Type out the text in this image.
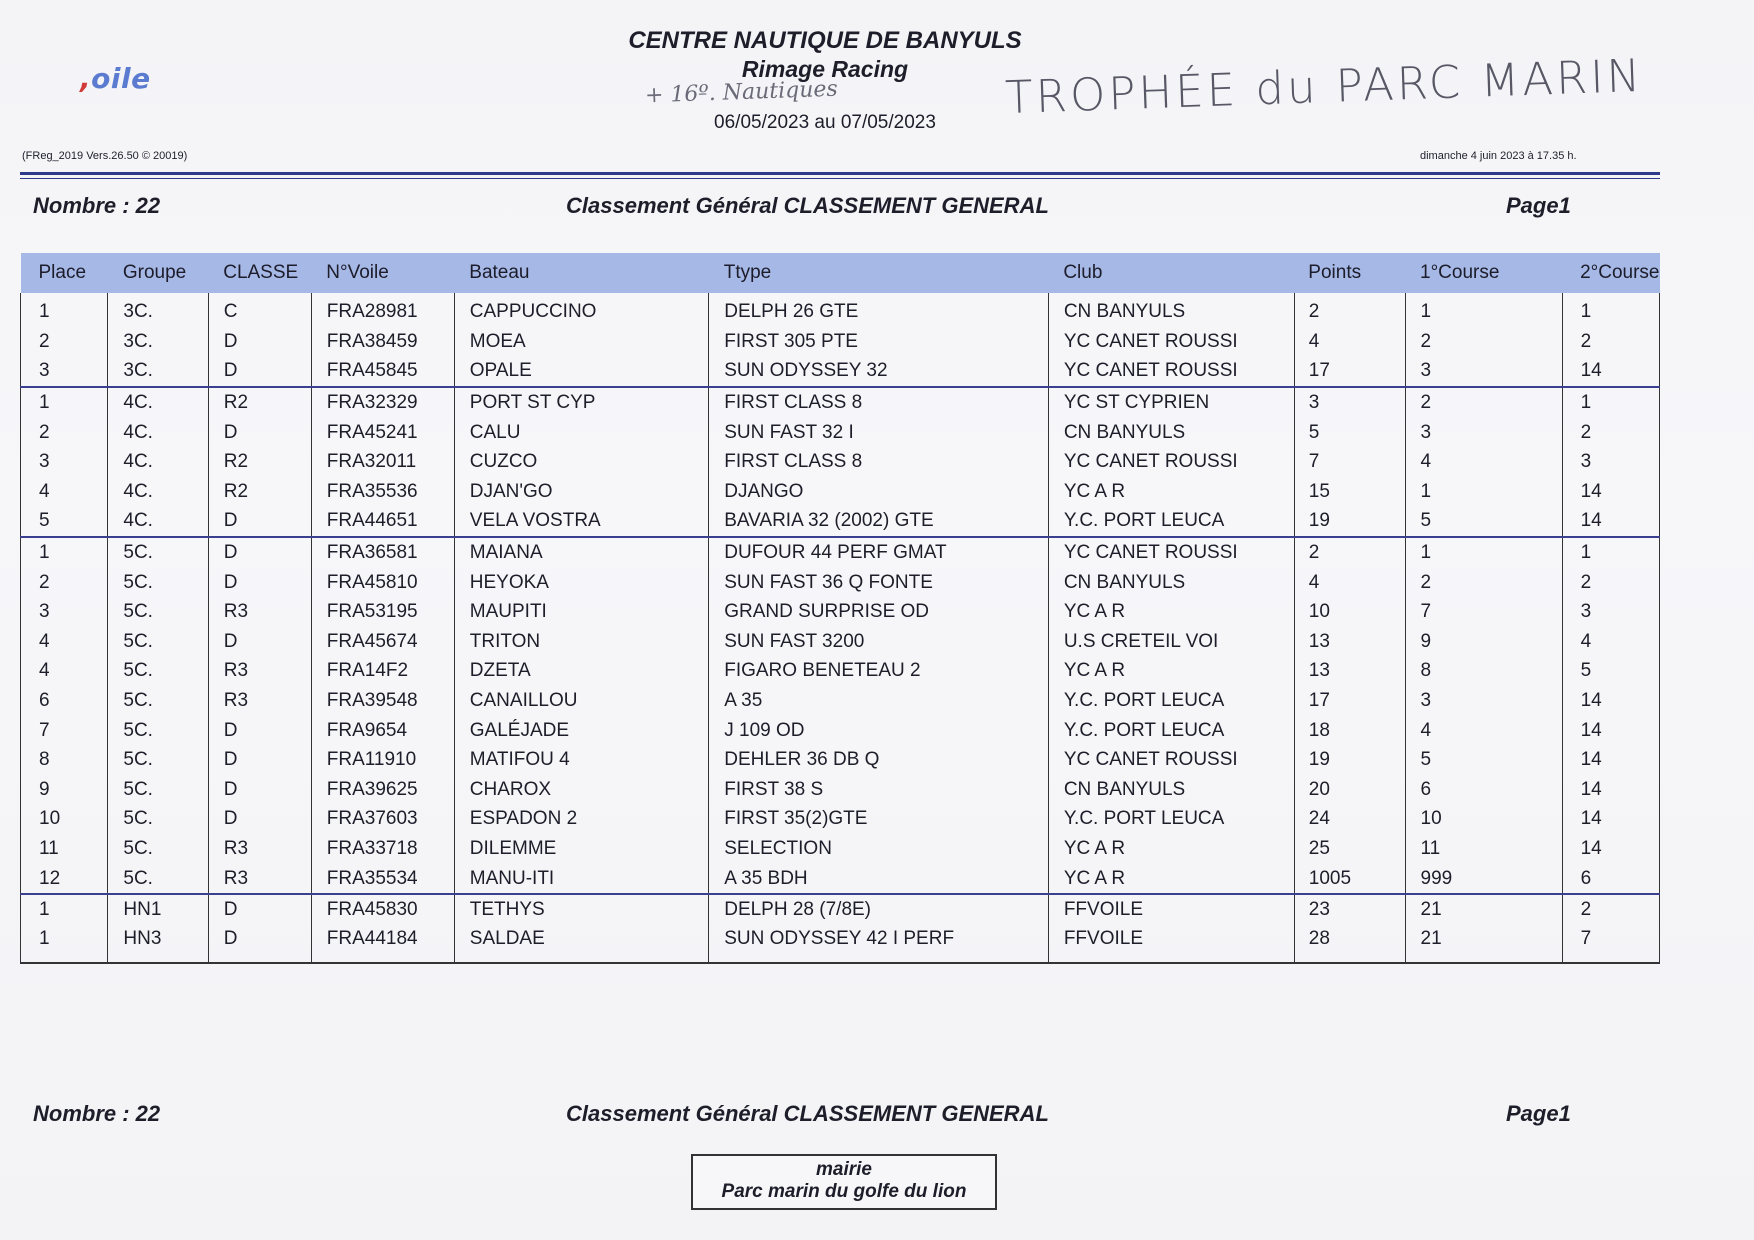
,oile
CENTRE NAUTIQUE DE BANYULS
Rimage Racing
+ 16º. Nautiques
06/05/2023 au 07/05/2023	TROPHÉE du PARC MARIN
(FReg_2019 Vers.26.50 © 20019)	dimanche 4 juin 2023 à 17.35 h.
Nombre : 22	Classement Général CLASSEMENT GENERAL	Page1
Place	Groupe	CLASSE	N°Voile	Bateau	Ttype	Club	Points	1°Course	2°Course
1	3C.	C	FRA28981	CAPPUCCINO	DELPH 26 GTE	CN BANYULS	2	1	1
2	3C.	D	FRA38459	MOEA	FIRST 305 PTE	YC CANET ROUSSI	4	2	2
3	3C.	D	FRA45845	OPALE	SUN ODYSSEY 32	YC CANET ROUSSI	17	3	14
1	4C.	R2	FRA32329	PORT ST CYP	FIRST CLASS 8	YC ST CYPRIEN	3	2	1
2	4C.	D	FRA45241	CALU	SUN FAST 32 I	CN BANYULS	5	3	2
3	4C.	R2	FRA32011	CUZCO	FIRST CLASS 8	YC CANET ROUSSI	7	4	3
4	4C.	R2	FRA35536	DJAN'GO	DJANGO	YC A R	15	1	14
5	4C.	D	FRA44651	VELA VOSTRA	BAVARIA 32 (2002) GTE	Y.C. PORT LEUCA	19	5	14
1	5C.	D	FRA36581	MAIANA	DUFOUR 44 PERF GMAT	YC CANET ROUSSI	2	1	1
2	5C.	D	FRA45810	HEYOKA	SUN FAST 36 Q FONTE	CN BANYULS	4	2	2
3	5C.	R3	FRA53195	MAUPITI	GRAND SURPRISE OD	YC A R	10	7	3
4	5C.	D	FRA45674	TRITON	SUN FAST 3200	U.S CRETEIL VOI	13	9	4
4	5C.	R3	FRA14F2	DZETA	FIGARO BENETEAU 2	YC A R	13	8	5
6	5C.	R3	FRA39548	CANAILLOU	A 35	Y.C. PORT LEUCA	17	3	14
7	5C.	D	FRA9654	GALÉJADE	J 109 OD	Y.C. PORT LEUCA	18	4	14
8	5C.	D	FRA11910	MATIFOU 4	DEHLER 36 DB Q	YC CANET ROUSSI	19	5	14
9	5C.	D	FRA39625	CHAROX	FIRST 38 S	CN BANYULS	20	6	14
10	5C.	D	FRA37603	ESPADON 2	FIRST 35(2)GTE	Y.C. PORT LEUCA	24	10	14
11	5C.	R3	FRA33718	DILEMME	SELECTION	YC A R	25	11	14
12	5C.	R3	FRA35534	MANU-ITI	A 35 BDH	YC A R	1005	999	6
1	HN1	D	FRA45830	TETHYS	DELPH 28 (7/8E)	FFVOILE	23	21	2
1	HN3	D	FRA44184	SALDAE	SUN ODYSSEY 42 I PERF	FFVOILE	28	21	7
Nombre : 22	Classement Général CLASSEMENT GENERAL	Page1
mairie
Parc marin du golfe du lion
